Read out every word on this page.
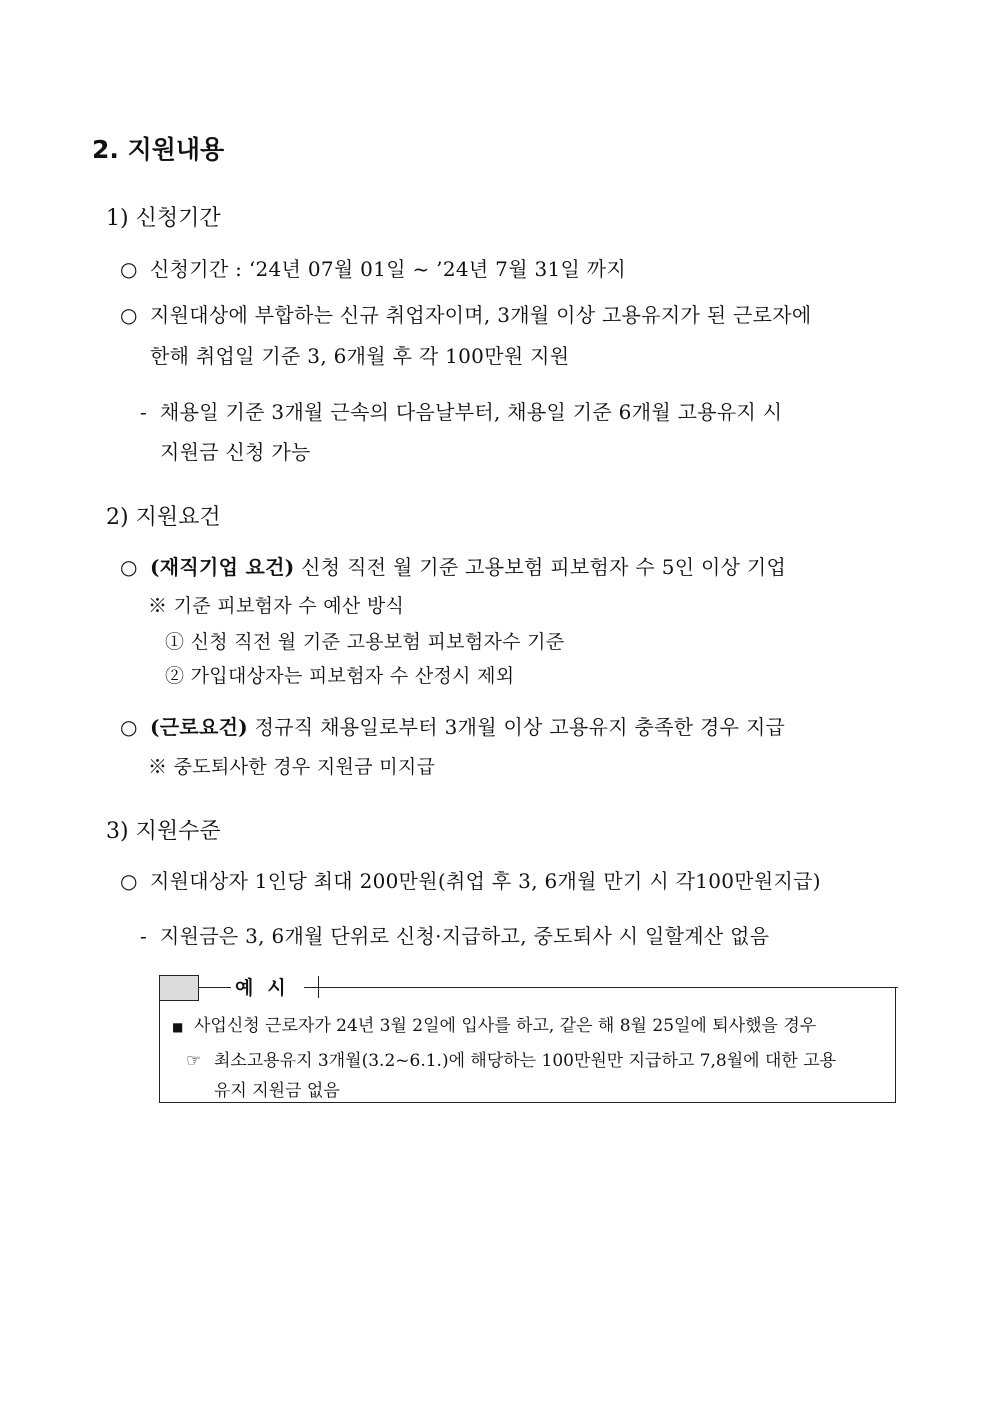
2. 지원내용
1) 신청기간
○ 신청기간 : ‘24년 07월 01일 ~ ’24년 7월 31일 까지
○ 지원대상에 부합하는 신규 취업자이며, 3개월 이상 고용유지가 된 근로자에
한해 취업일 기준 3, 6개월 후 각 100만원 지원
- 채용일 기준 3개월 근속의 다음날부터, 채용일 기준 6개월 고용유지 시
지원금 신청 가능
2) 지원요건
○ (재직기업 요건) 신청 직전 월 기준 고용보험 피보험자 수 5인 이상 기업
※ 기준 피보험자 수 예산 방식
① 신청 직전 월 기준 고용보험 피보험자수 기준
② 가입대상자는 피보험자 수 산정시 제외
○ (근로요건) 정규직 채용일로부터 3개월 이상 고용유지 충족한 경우 지급
※ 중도퇴사한 경우 지원금 미지급
3) 지원수준
○ 지원대상자 1인당 최대 200만원(취업 후 3, 6개월 만기 시 각100만원지급)
- 지원금은 3, 6개월 단위로 신청·지급하고, 중도퇴사 시 일할계산 없음
예시
■ 사업신청 근로자가 24년 3월 2일에 입사를 하고, 같은 해 8월 25일에 퇴사했을 경우
☞ 최소고용유지 3개월(3.2~6.1.)에 해당하는 100만원만 지급하고 7,8월에 대한 고용
유지 지원금 없음
